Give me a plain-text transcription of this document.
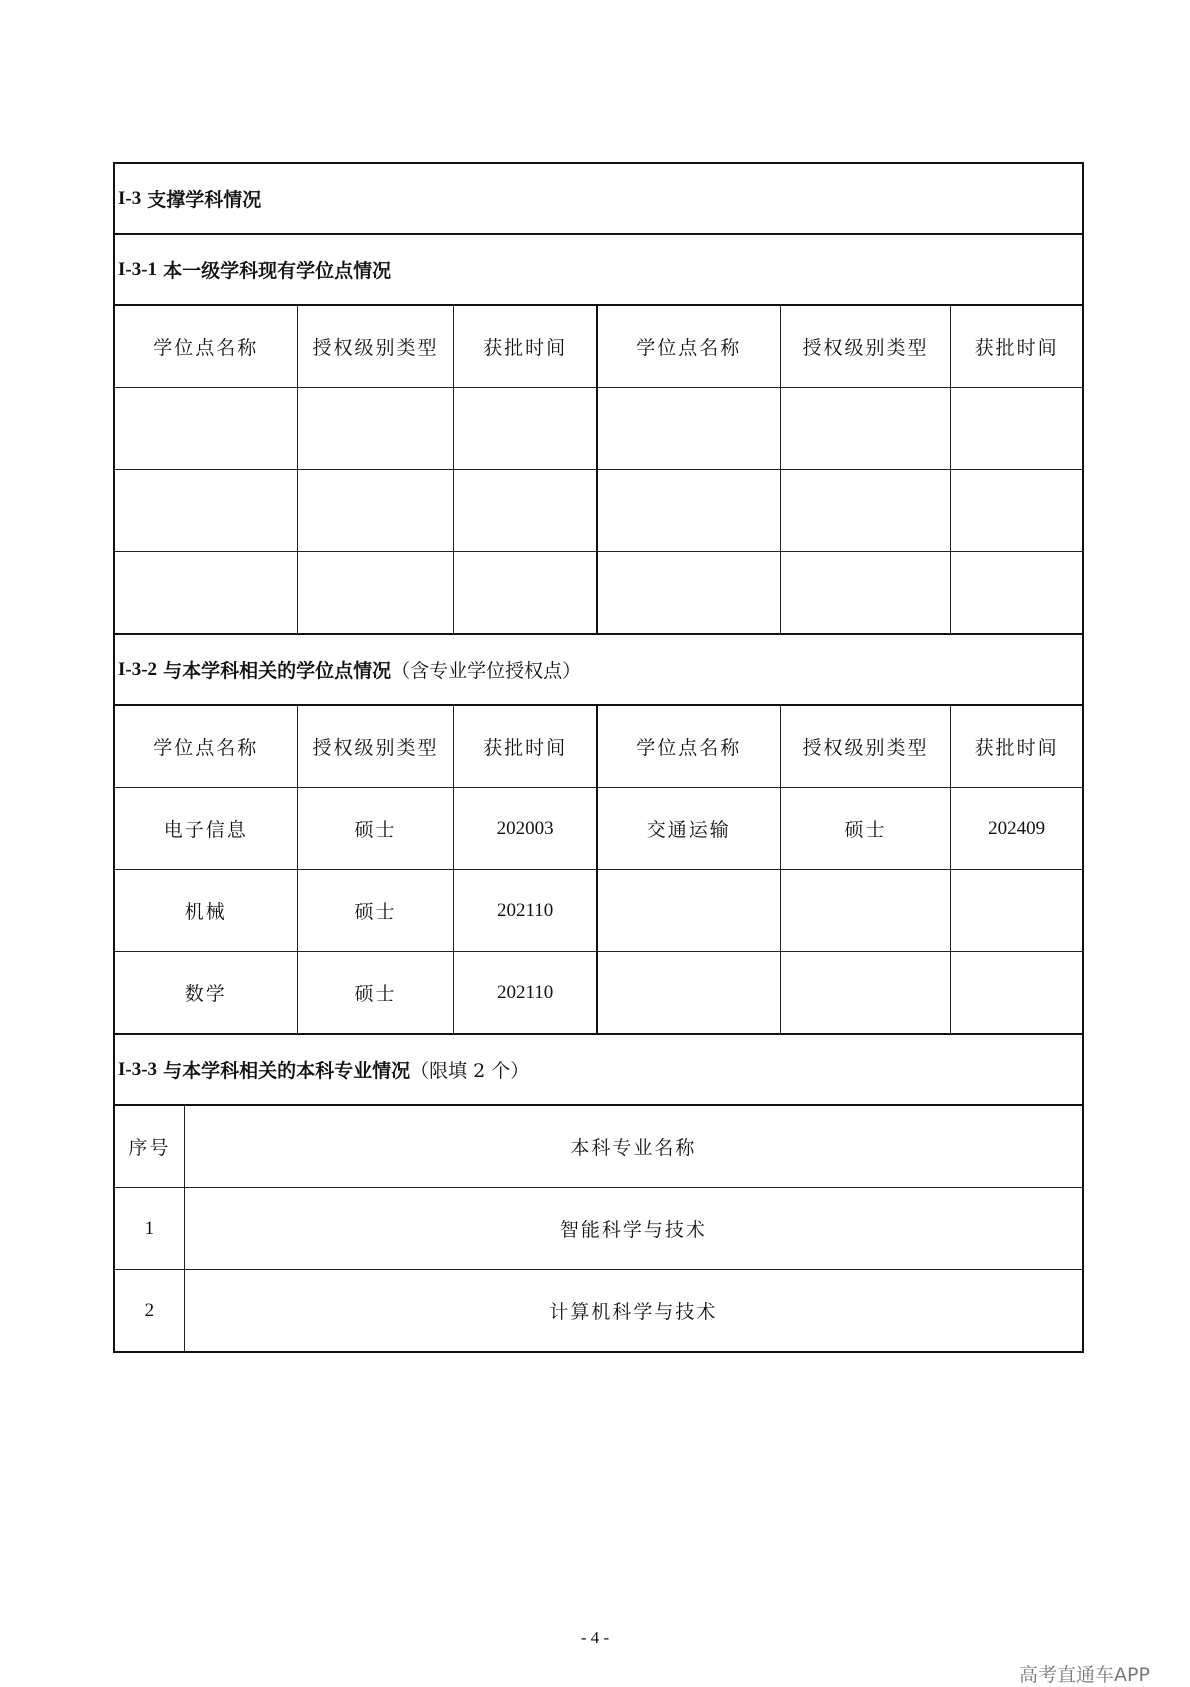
I-3 支撑学科情况
I-3-1 本一级学科现有学位点情况
学位点名称	授权级别类型	获批时间	学位点名称	授权级别类型	获批时间
I-3-2 与本学科相关的学位点情况 （含专业学位授权点）
学位点名称	授权级别类型	获批时间	学位点名称	授权级别类型	获批时间
电子信息	硕士	202003	交通运输	硕士	202409
机械	硕士	202110
数学	硕士	202110
I-3-3 与本学科相关的本科专业情况 （限填 2 个）
序号	本科专业名称
1	智能科学与技术
2	计算机科学与技术
- 4 -
高考直通车APP
